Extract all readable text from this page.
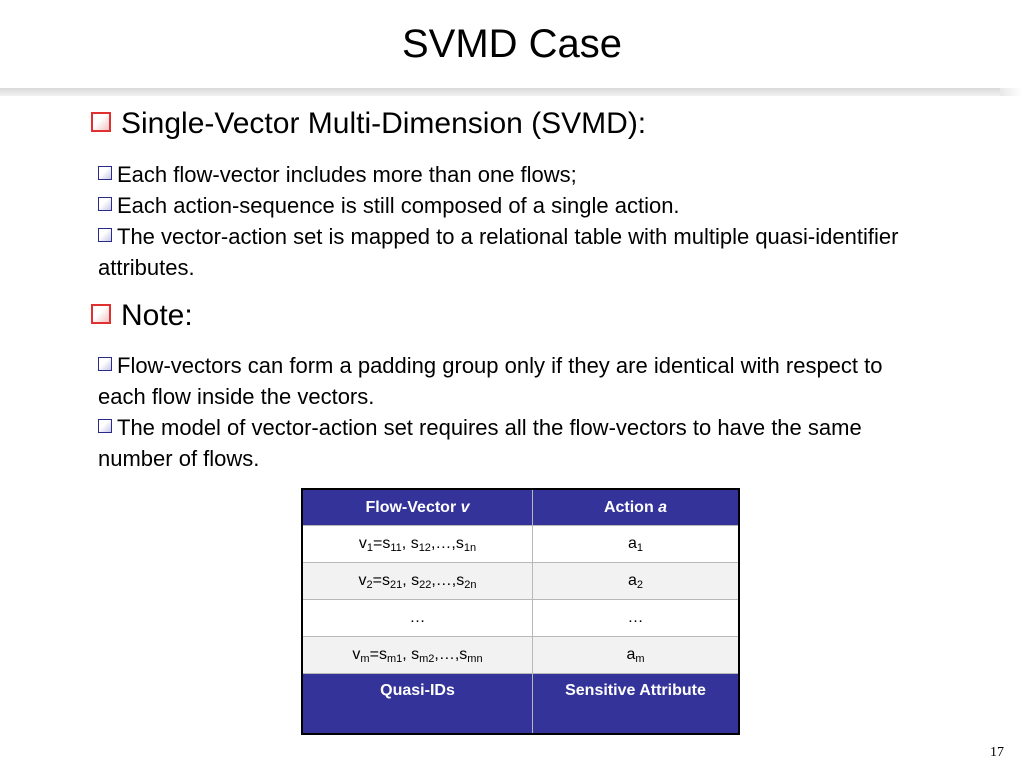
SVMD Case
Single-Vector Multi-Dimension (SVMD):

Each flow-vector includes more than one flows;

Each action-sequence is still composed of a single action.

The vector-action set is mapped to a relational table with multiple quasi-identifier attributes.

Note:

Flow-vectors can form a padding group only if they are identical with respect to each flow inside the vectors.

The model of vector-action set requires all the flow-vectors to have the same number of flows.

Flow-Vector v	Action a
$v_1=s_{11}$, $s_{12},\dots,s_{1n}$	$a_1$
$v_2=s_{21}$, $s_{22},\dots,s_{2n}$	$a_2$
…	…
$v_m=s_{m1}$, $s_{m2},\dots,s_{mn}$	$a_m$
Quasi-IDs	Sensitive Attribute
17
